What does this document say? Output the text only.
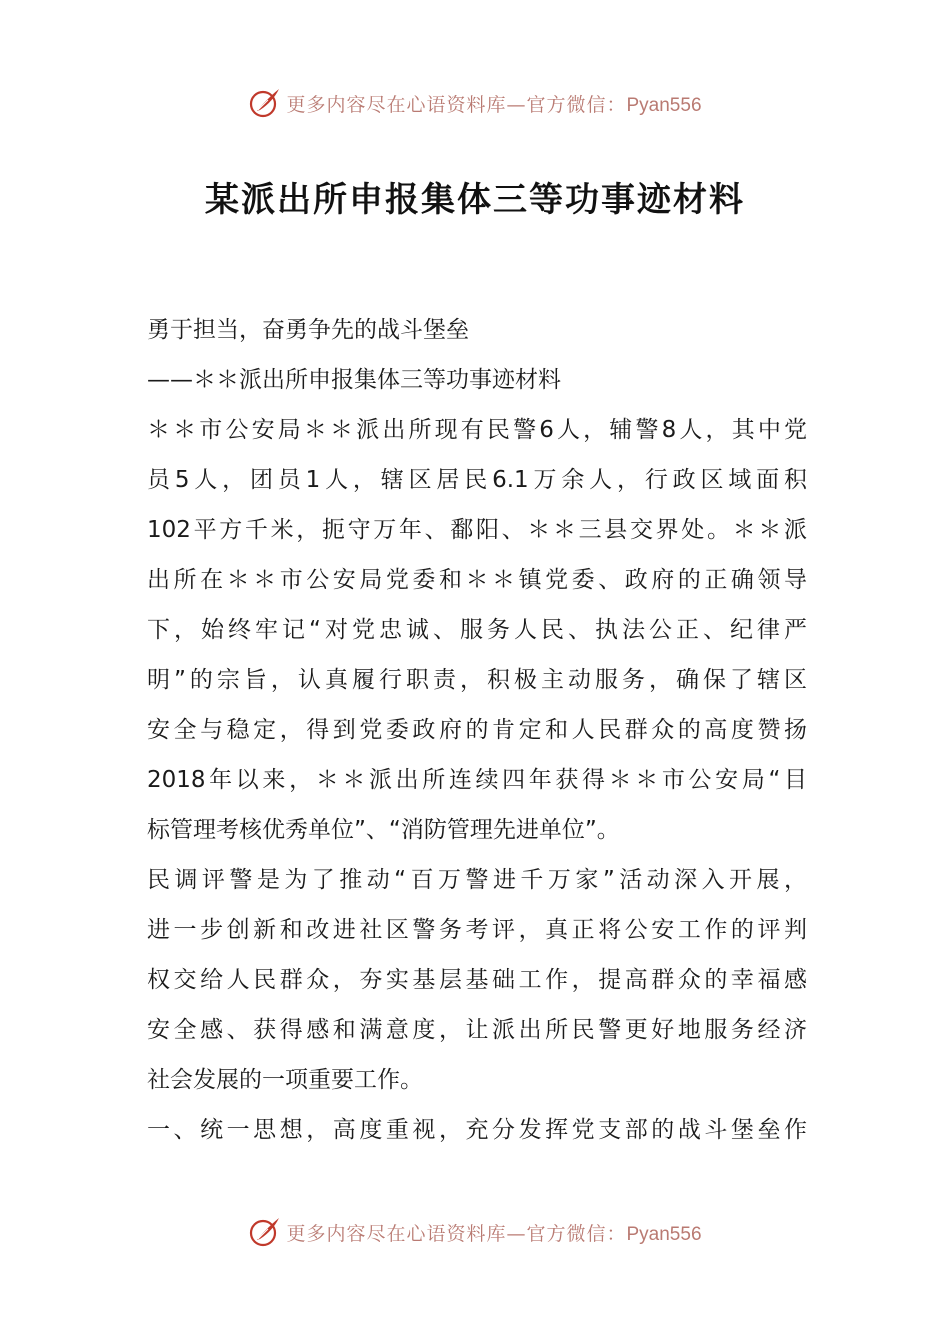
更多内容尽在心语资料库—官方微信：Pyan556
某派出所申报集体三等功事迹材料
勇于担当，奋勇争先的战斗堡垒
——＊＊派出所申报集体三等功事迹材料
＊＊市公安局＊＊派出所现有民警6人，辅警8人，其中党
员5人，团员1人，辖区居民6.1万余人，行政区域面积
102平方千米，扼守万年、鄱阳、＊＊三县交界处。＊＊派
出所在＊＊市公安局党委和＊＊镇党委、政府的正确领导
下，始终牢记“对党忠诚、服务人民、执法公正、纪律严
明”的宗旨，认真履行职责，积极主动服务，确保了辖区
安全与稳定，得到党委政府的肯定和人民群众的高度赞扬
2018年以来，＊＊派出所连续四年获得＊＊市公安局“目
标管理考核优秀单位”、“消防管理先进单位”。
民调评警是为了推动“百万警进千万家”活动深入开展，
进一步创新和改进社区警务考评，真正将公安工作的评判
权交给人民群众，夯实基层基础工作，提高群众的幸福感
安全感、获得感和满意度，让派出所民警更好地服务经济
社会发展的一项重要工作。
一、统一思想，高度重视，充分发挥党支部的战斗堡垒作
更多内容尽在心语资料库—官方微信：Pyan556
